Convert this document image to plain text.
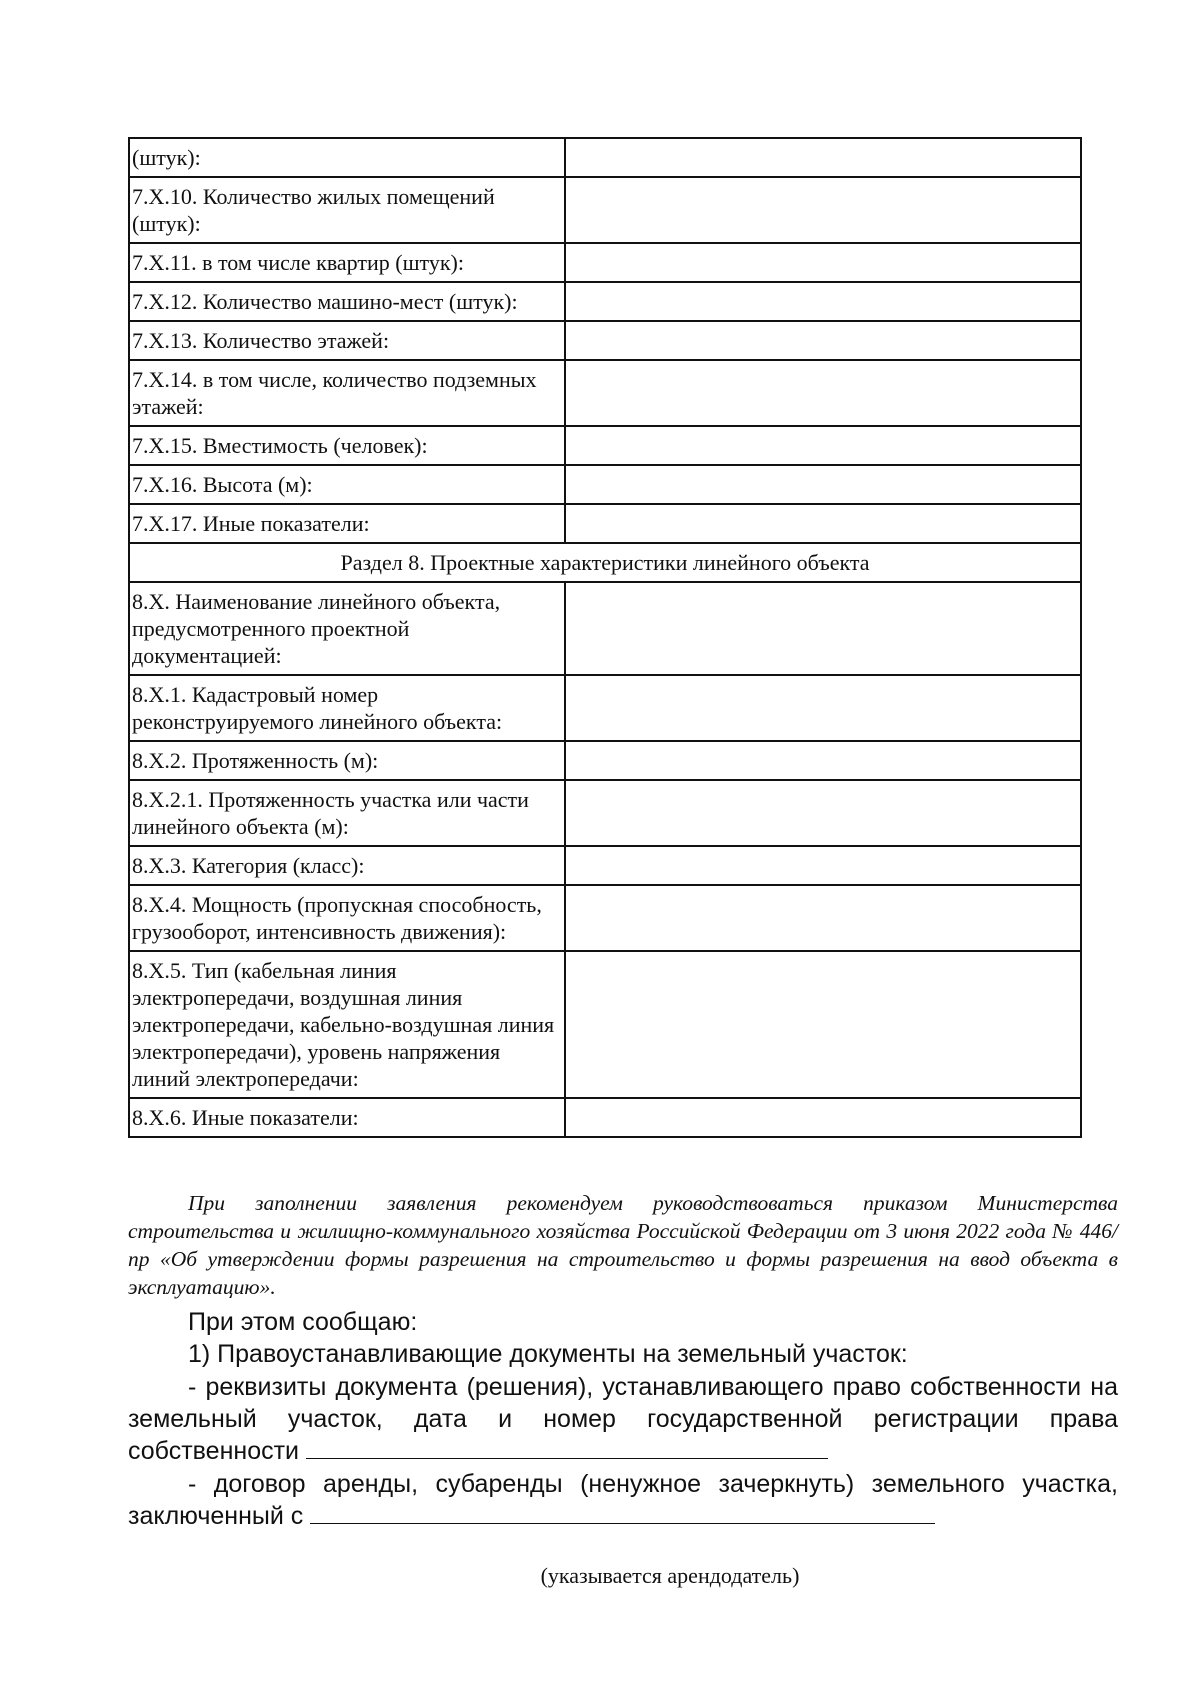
(штук):	
7.Х.10. Количество жилых помещений (штук):	
7.Х.11. в том числе квартир (штук):	
7.Х.12. Количество машино-мест (штук):	
7.Х.13. Количество этажей:	
7.Х.14. в том числе, количество подземных этажей:	
7.Х.15. Вместимость (человек):	
7.Х.16. Высота (м):	
7.Х.17. Иные показатели:	
Раздел 8. Проектные характеристики линейного объекта	
8.Х. Наименование линейного объекта, предусмотренного проектной документацией:	
8.Х.1. Кадастровый номер реконструируемого линейного объекта:	
8.Х.2. Протяженность (м):	
8.Х.2.1. Протяженность участка или части линейного объекта (м):	
8.Х.3. Категория (класс):	
8.Х.4. Мощность (пропускная способность, грузооборот, интенсивность движения):	
8.Х.5. Тип (кабельная линия электропередачи, воздушная линия электропередачи, кабельно-воздушная линия электропередачи), уровень напряжения линий электропередачи:	
8.Х.6. Иные показатели:	
При заполнении заявления рекомендуем руководствоваться приказом Министерства строительства и жилищно-коммунального хозяйства Российской Федерации от 3 июня 2022 года № 446/пр «Об утверждении формы разрешения на строительство и формы разрешения на ввод объекта в эксплуатацию».
При этом сообщаю:
1) Правоустанавливающие документы на земельный участок:
- реквизиты документа (решения), устанавливающего право собственности на земельный участок, дата и номер государственной регистрации права собственности
- договор аренды, субаренды (ненужное зачеркнуть) земельного участка, заключенный с
(указывается арендодатель)
